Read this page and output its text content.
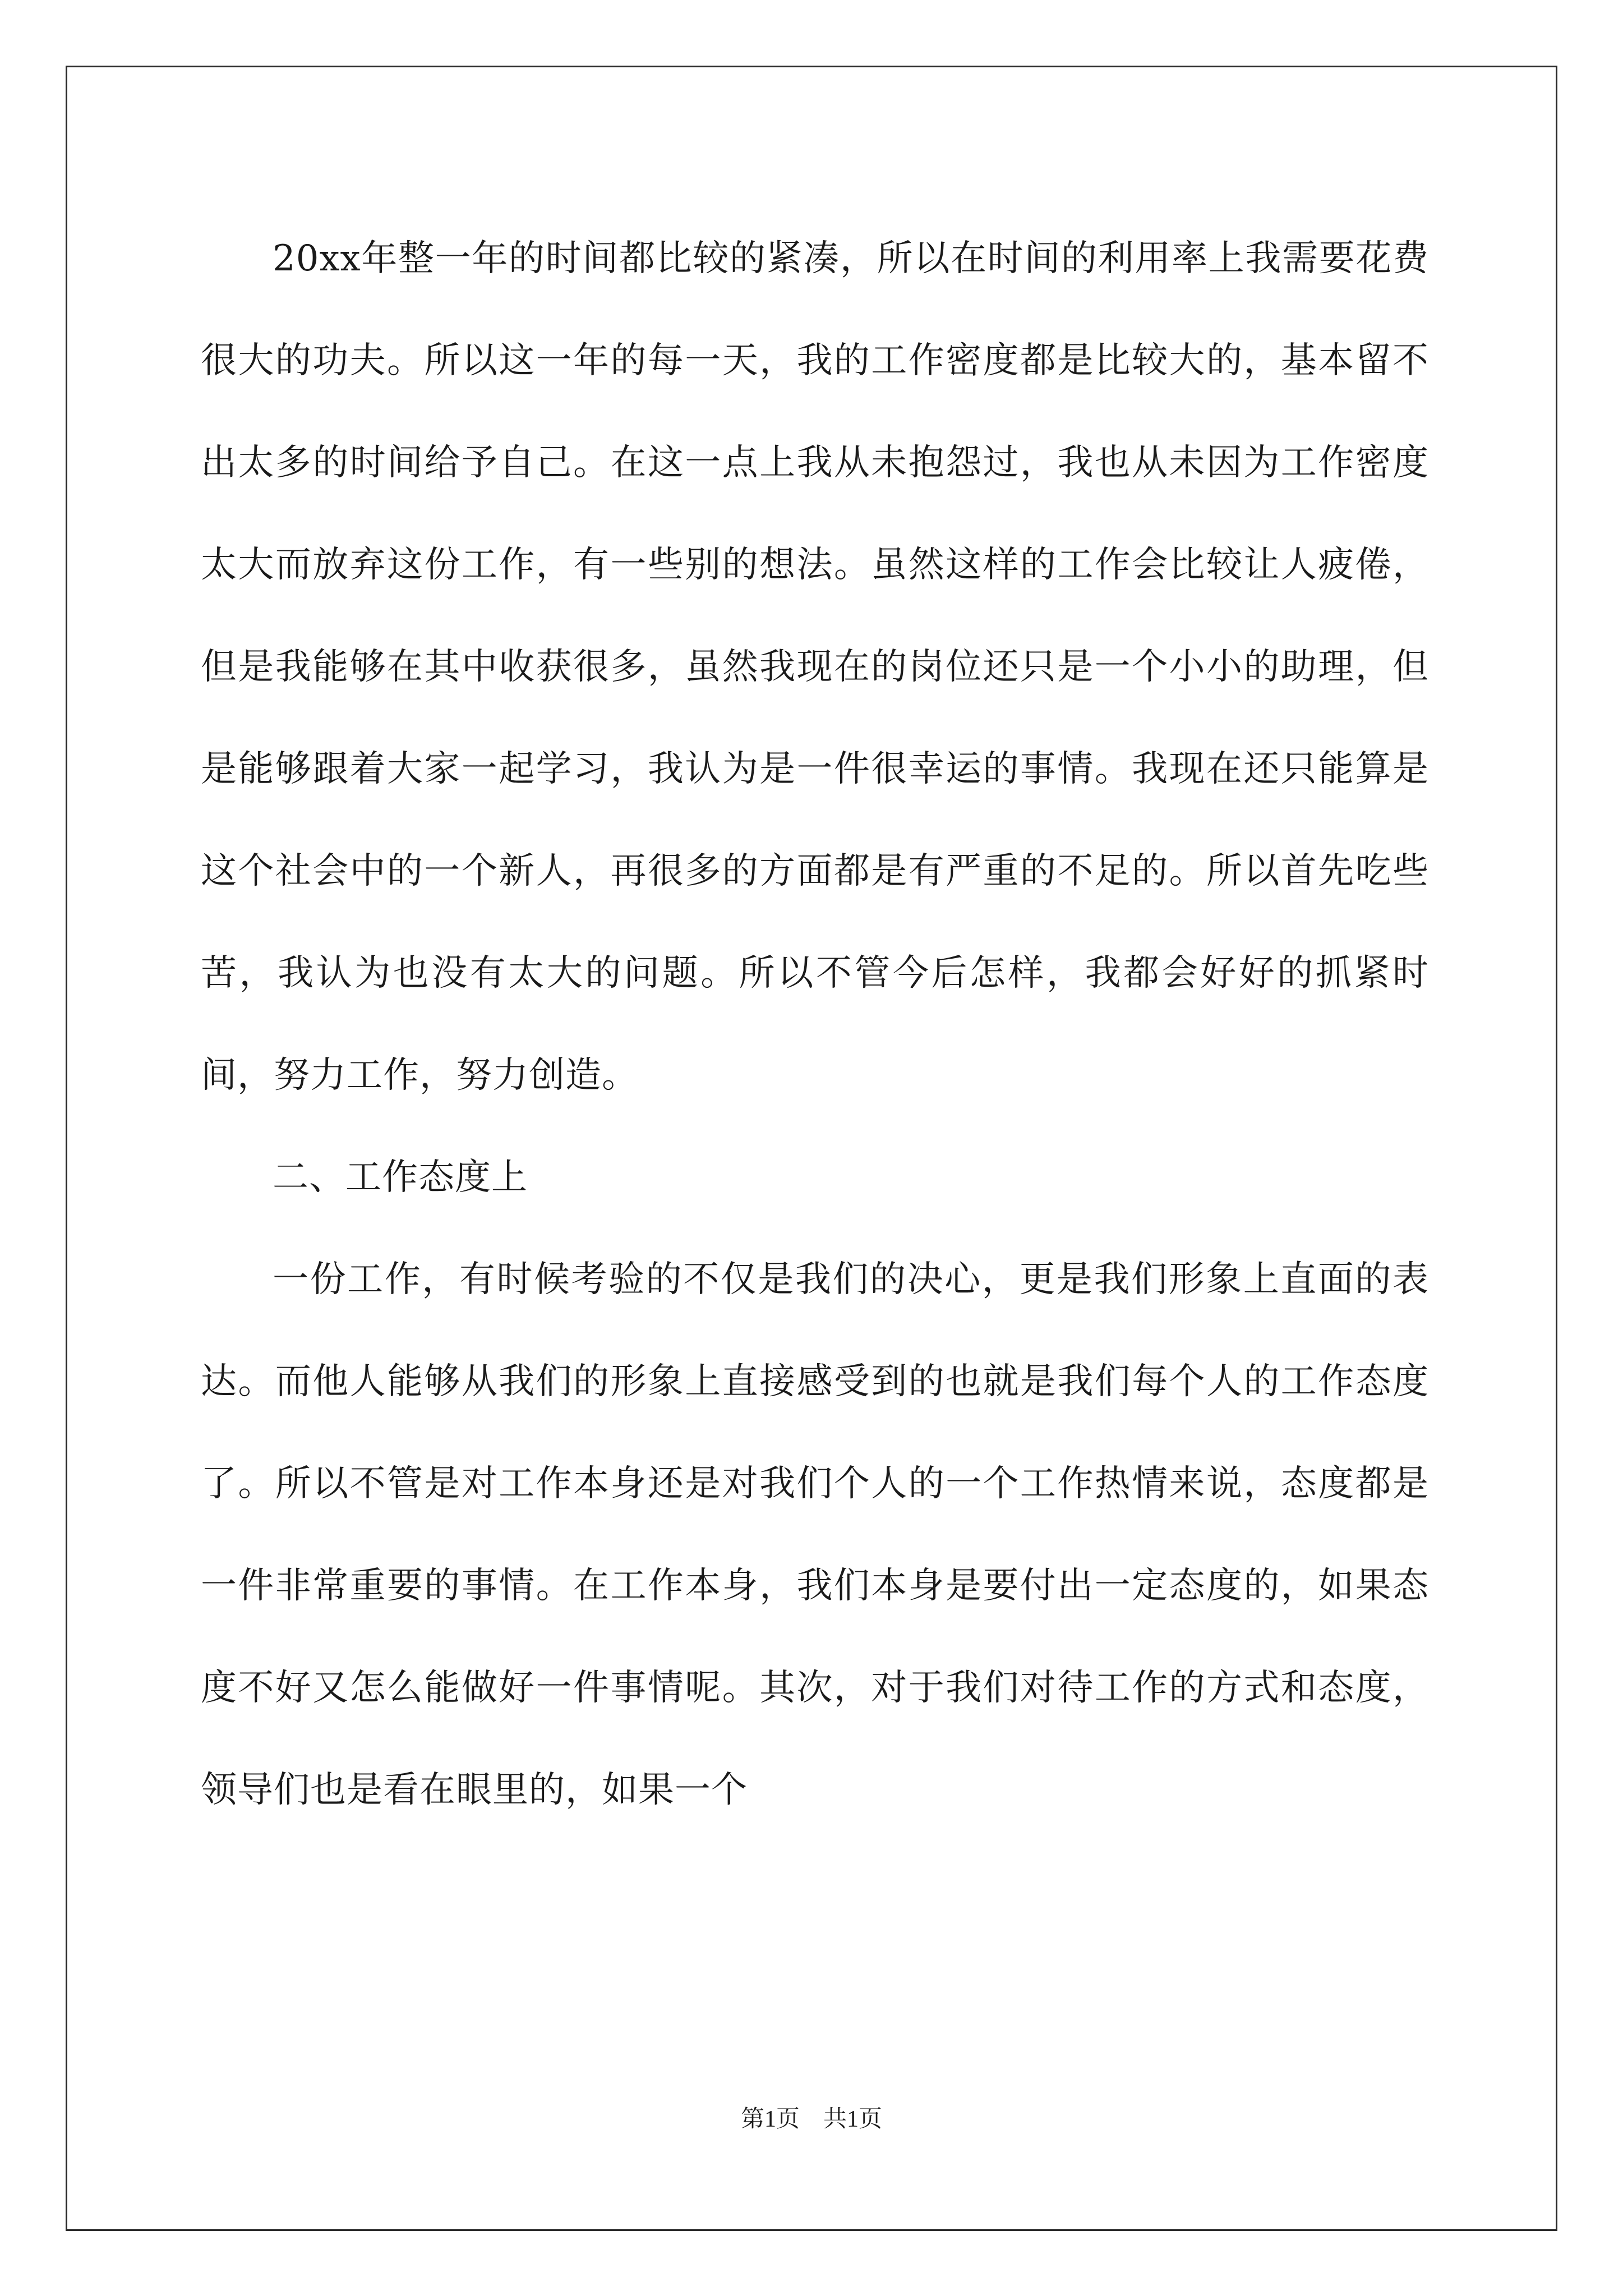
20xx年整一年的时间都比较的紧凑，所以在时间的利用率上我需要花费很大的功夫。所以这一年的每一天，我的工作密度都是比较大的，基本留不出太多的时间给予自己。在这一点上我从未抱怨过，我也从未因为工作密度太大而放弃这份工作，有一些别的想法。虽然这样的工作会比较让人疲倦，但是我能够在其中收获很多，虽然我现在的岗位还只是一个小小的助理，但是能够跟着大家一起学习，我认为是一件很幸运的事情。我现在还只能算是这个社会中的一个新人，再很多的方面都是有严重的不足的。所以首先吃些苦，我认为也没有太大的问题。所以不管今后怎样，我都会好好的抓紧时间，努力工作，努力创造。

二、工作态度上

一份工作，有时候考验的不仅是我们的决心，更是我们形象上直面的表达。而他人能够从我们的形象上直接感受到的也就是我们每个人的工作态度了。所以不管是对工作本身还是对我们个人的一个工作热情来说，态度都是一件非常重要的事情。在工作本身，我们本身是要付出一定态度的，如果态度不好又怎么能做好一件事情呢。其次，对于我们对待工作的方式和态度，领导们也是看在眼里的，如果一个

第1页 共1页
